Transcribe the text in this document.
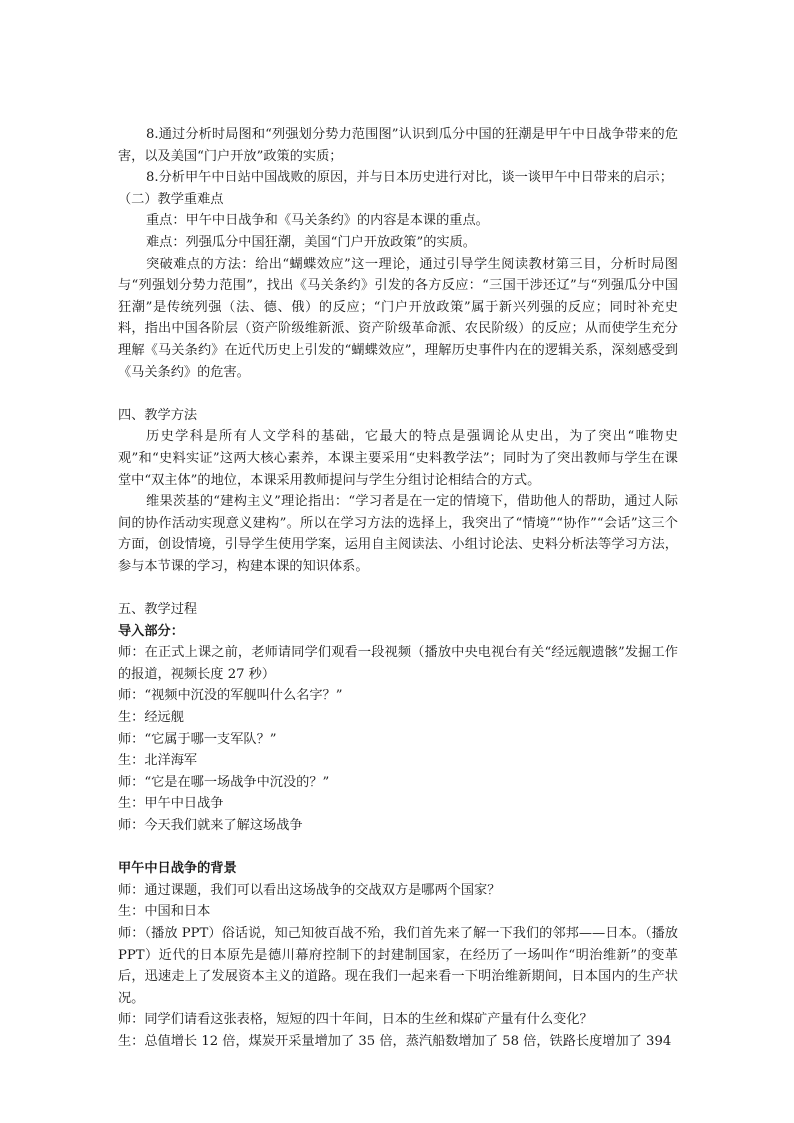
8.通过分析时局图和“列强划分势力范围图”认识到瓜分中国的狂潮是甲午中日战争带来的危害，以及美国“门户开放”政策的实质；

8.分析甲午中日站中国战败的原因，并与日本历史进行对比，谈一谈甲午中日带来的启示；

（二）教学重难点

重点：甲午中日战争和《马关条约》的内容是本课的重点。

难点：列强瓜分中国狂潮，美国“门户开放政策”的实质。

突破难点的方法：给出“蝴蝶效应”这一理论，通过引导学生阅读教材第三目，分析时局图与“列强划分势力范围”，找出《马关条约》引发的各方反应：“三国干涉还辽”与“列强瓜分中国狂潮”是传统列强（法、德、俄）的反应；“门户开放政策”属于新兴列强的反应；同时补充史料，指出中国各阶层（资产阶级维新派、资产阶级革命派、农民阶级）的反应；从而使学生充分理解《马关条约》在近代历史上引发的“蝴蝶效应”，理解历史事件内在的逻辑关系，深刻感受到《马关条约》的危害。

四、教学方法

历史学科是所有人文学科的基础，它最大的特点是强调论从史出，为了突出“唯物史观”和“史料实证”这两大核心素养，本课主要采用“史料教学法”；同时为了突出教师与学生在课堂中“双主体”的地位，本课采用教师提问与学生分组讨论相结合的方式。

维果茨基的“建构主义”理论指出：“学习者是在一定的情境下，借助他人的帮助，通过人际间的协作活动实现意义建构”。所以在学习方法的选择上，我突出了“情境”“协作”“会话”这三个方面，创设情境，引导学生使用学案，运用自主阅读法、小组讨论法、史料分析法等学习方法，参与本节课的学习，构建本课的知识体系。

五、教学过程

导入部分：

师：在正式上课之前，老师请同学们观看一段视频（播放中央电视台有关“经远舰遗骸”发掘工作的报道，视频长度 27 秒）

师：“视频中沉没的军舰叫什么名字？”

生：经远舰

师：“它属于哪一支军队？”

生：北洋海军

师：“它是在哪一场战争中沉没的？”

生：甲午中日战争

师：今天我们就来了解这场战争

甲午中日战争的背景

师：通过课题，我们可以看出这场战争的交战双方是哪两个国家？

生：中国和日本

师：（播放 PPT）俗话说，知己知彼百战不殆，我们首先来了解一下我们的邻邦——日本。（播放 PPT）近代的日本原先是德川幕府控制下的封建制国家，在经历了一场叫作“明治维新”的变革后，迅速走上了发展资本主义的道路。现在我们一起来看一下明治维新期间，日本国内的生产状况。

师：同学们请看这张表格，短短的四十年间，日本的生丝和煤矿产量有什么变化？

生：总值增长 12 倍，煤炭开采量增加了 35 倍，蒸汽船数增加了 58 倍，铁路长度增加了 394
